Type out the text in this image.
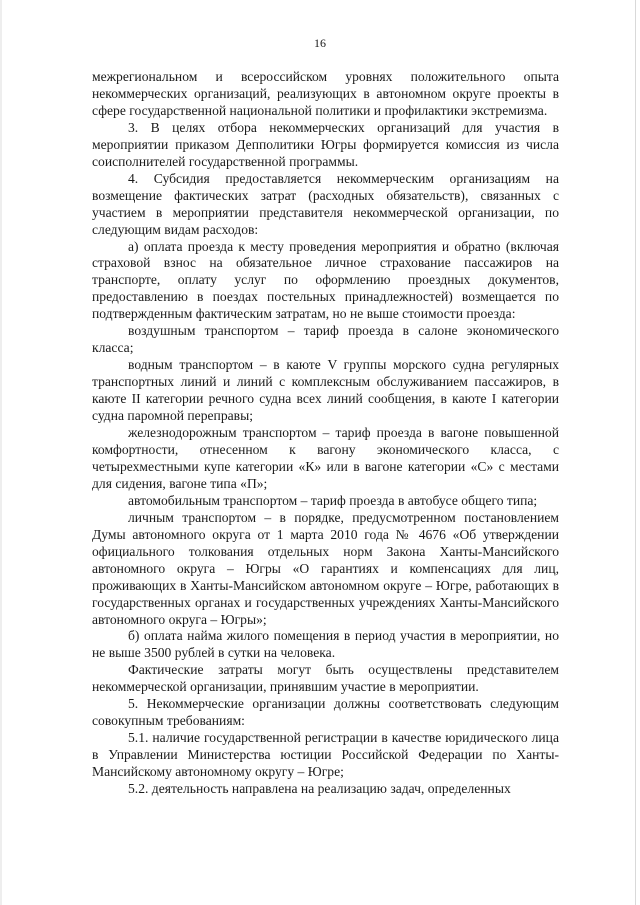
16

межрегиональном и всероссийском уровнях положительного опыта некоммерческих организаций, реализующих в автономном округе проекты в сфере государственной национальной политики и профилактики экстремизма.

3. В целях отбора некоммерческих организаций для участия в мероприятии приказом Депполитики Югры формируется комиссия из числа соисполнителей государственной программы.

4. Субсидия предоставляется некоммерческим организациям на возмещение фактических затрат (расходных обязательств), связанных с участием в мероприятии представителя некоммерческой организации, по следующим видам расходов:

а) оплата проезда к месту проведения мероприятия и обратно (включая страховой взнос на обязательное личное страхование пассажиров на транспорте, оплату услуг по оформлению проездных документов, предоставлению в поездах постельных принадлежностей) возмещается по подтвержденным фактическим затратам, но не выше стоимости проезда:

воздушным транспортом – тариф проезда в салоне экономического класса;

водным транспортом – в каюте V группы морского судна регулярных транспортных линий и линий с комплексным обслуживанием пассажиров, в каюте II категории речного судна всех линий сообщения, в каюте I категории судна паромной переправы;

железнодорожным транспортом – тариф проезда в вагоне повышенной комфортности, отнесенном к вагону экономического класса, с четырехместными купе категории «К» или в вагоне категории «С» с местами для сидения, вагоне типа «П»;

автомобильным транспортом – тариф проезда в автобусе общего типа;

личным транспортом – в порядке, предусмотренном постановлением Думы автономного округа от 1 марта 2010 года № 4676 «Об утверждении официального толкования отдельных норм Закона Ханты-Мансийского автономного округа – Югры «О гарантиях и компенсациях для лиц, проживающих в Ханты-Мансийском автономном округе – Югре, работающих в государственных органах и государственных учреждениях Ханты-Мансийского автономного округа – Югры»;

б) оплата найма жилого помещения в период участия в мероприятии, но не выше 3500 рублей в сутки на человека.

Фактические затраты могут быть осуществлены представителем некоммерческой организации, принявшим участие в мероприятии.

5. Некоммерческие организации должны соответствовать следующим совокупным требованиям:

5.1. наличие государственной регистрации в качестве юридического лица в Управлении Министерства юстиции Российской Федерации по Ханты-Мансийскому автономному округу – Югре;

5.2. деятельность направлена на реализацию задач, определенных
